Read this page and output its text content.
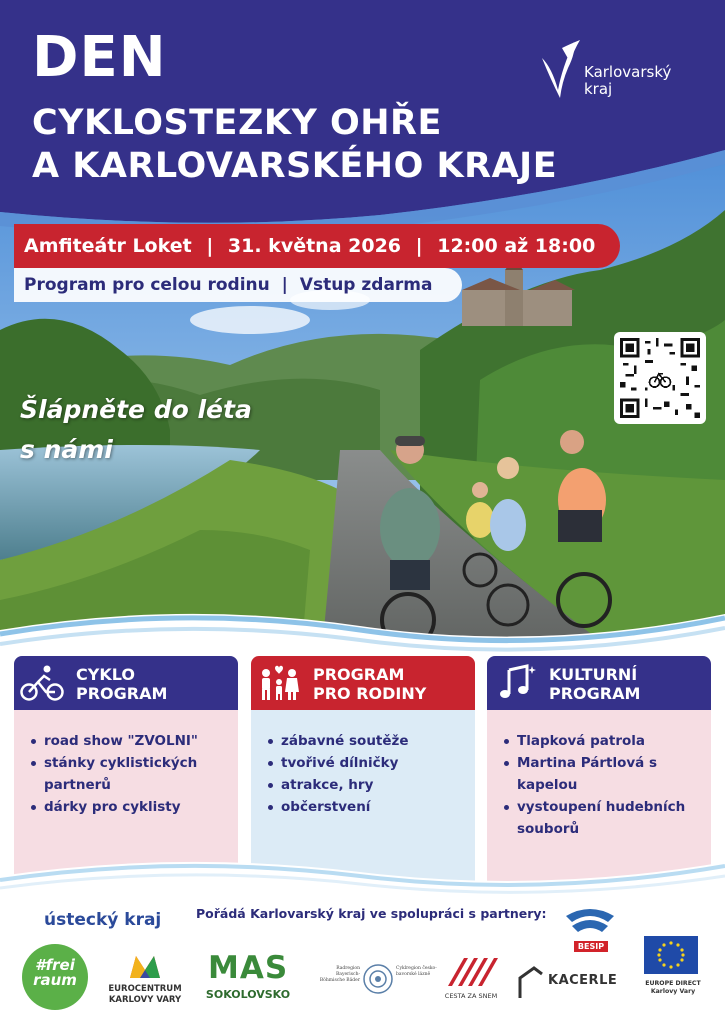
DEN
CYKLOSTEZKY OHŘE
A KARLOVARSKÉHO KRAJE
Karlovarský
kraj
Amfiteátr Loket | 31. května 2026 | 12:00 až 18:00
Program pro celou rodinu | Vstup zdarma
Šlápněte do léta
s námi
CYKLO
PROGRAM
road show "ZVOLNI"
stánky cyklistických partnerů
dárky pro cyklisty
PROGRAM
PRO RODINY
zábavné soutěže
tvořivé dílničky
atrakce, hry
občerstvení
KULTURNÍ
PROGRAM
Tlapková patrola
Martina Pártlová s kapelou
vystoupení hudebních souborů
ústecký kraj	Pořádá Karlovarský kraj ve spolupráci s partnery:
#frei
raum	EUROCENTRUM
KARLOVY VARY
MAS
SOKOLOVSKO
Radregion Bayerisch-Böhmische Bäder
Cyklregion česko-bavorské lázně
CESTA ZA SNEM
KACERLE
BESIP
EUROPE DIRECT
Karlovy Vary
